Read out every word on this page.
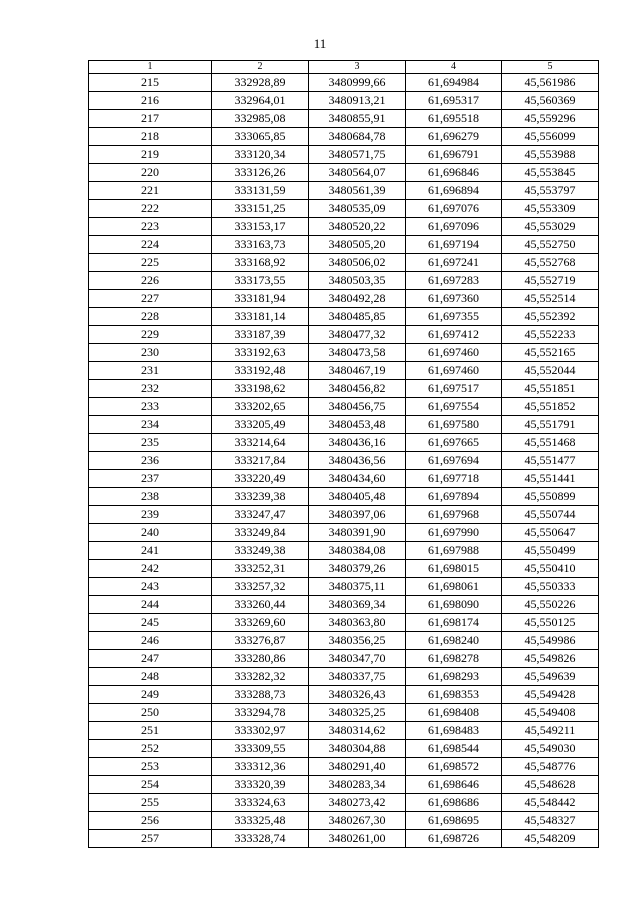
11
1	2	3	4	5
215	332928,89	3480999,66	61,694984	45,561986
216	332964,01	3480913,21	61,695317	45,560369
217	332985,08	3480855,91	61,695518	45,559296
218	333065,85	3480684,78	61,696279	45,556099
219	333120,34	3480571,75	61,696791	45,553988
220	333126,26	3480564,07	61,696846	45,553845
221	333131,59	3480561,39	61,696894	45,553797
222	333151,25	3480535,09	61,697076	45,553309
223	333153,17	3480520,22	61,697096	45,553029
224	333163,73	3480505,20	61,697194	45,552750
225	333168,92	3480506,02	61,697241	45,552768
226	333173,55	3480503,35	61,697283	45,552719
227	333181,94	3480492,28	61,697360	45,552514
228	333181,14	3480485,85	61,697355	45,552392
229	333187,39	3480477,32	61,697412	45,552233
230	333192,63	3480473,58	61,697460	45,552165
231	333192,48	3480467,19	61,697460	45,552044
232	333198,62	3480456,82	61,697517	45,551851
233	333202,65	3480456,75	61,697554	45,551852
234	333205,49	3480453,48	61,697580	45,551791
235	333214,64	3480436,16	61,697665	45,551468
236	333217,84	3480436,56	61,697694	45,551477
237	333220,49	3480434,60	61,697718	45,551441
238	333239,38	3480405,48	61,697894	45,550899
239	333247,47	3480397,06	61,697968	45,550744
240	333249,84	3480391,90	61,697990	45,550647
241	333249,38	3480384,08	61,697988	45,550499
242	333252,31	3480379,26	61,698015	45,550410
243	333257,32	3480375,11	61,698061	45,550333
244	333260,44	3480369,34	61,698090	45,550226
245	333269,60	3480363,80	61,698174	45,550125
246	333276,87	3480356,25	61,698240	45,549986
247	333280,86	3480347,70	61,698278	45,549826
248	333282,32	3480337,75	61,698293	45,549639
249	333288,73	3480326,43	61,698353	45,549428
250	333294,78	3480325,25	61,698408	45,549408
251	333302,97	3480314,62	61,698483	45,549211
252	333309,55	3480304,88	61,698544	45,549030
253	333312,36	3480291,40	61,698572	45,548776
254	333320,39	3480283,34	61,698646	45,548628
255	333324,63	3480273,42	61,698686	45,548442
256	333325,48	3480267,30	61,698695	45,548327
257	333328,74	3480261,00	61,698726	45,548209
